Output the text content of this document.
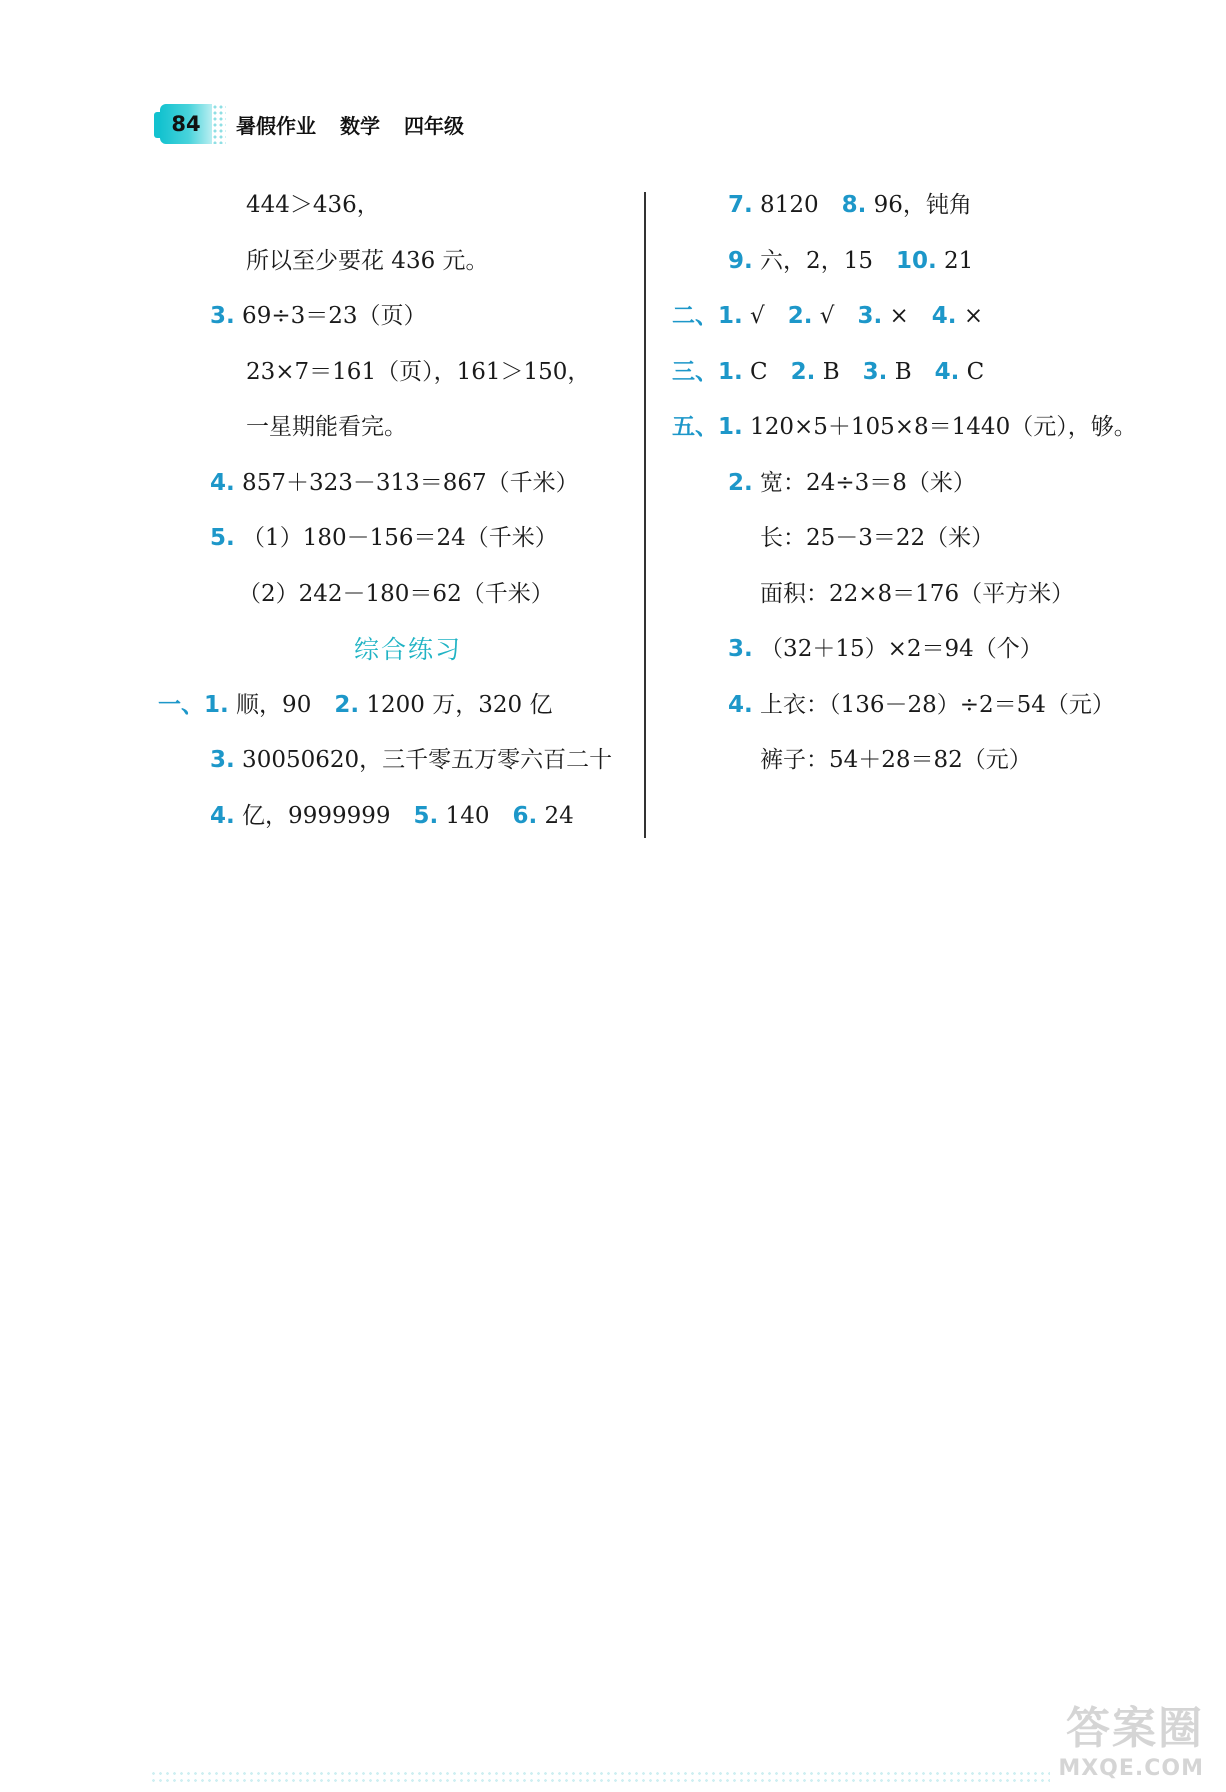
84 暑假作业 数学 四年级
444＞436，
所以至少要花 436 元。
3. 69÷3＝23（页）
23×7＝161（页），161＞150，
一星期能看完。
4. 857＋323－313＝867（千米）
5. （1）180－156＝24（千米）
（2）242－180＝62（千米）
综合练习
一、1. 顺，90　2. 1200 万，320 亿
3. 30050620，三千零五万零六百二十
4. 亿，9999999　5. 140　6. 24
7. 8120　8. 96，钝角
9. 六，2，15　10. 21
二、1. √　2. √　3. ×　4. ×
三、1. C　2. B　3. B　4. C
五、1. 120×5＋105×8＝1440（元），够。
2. 宽：24÷3＝8（米）
长：25－3＝22（米）
面积：22×8＝176（平方米）
3. （32＋15）×2＝94（个）
4. 上衣：（136－28）÷2＝54（元）
裤子：54＋28＝82（元）
答案圈
MXQE.COM
